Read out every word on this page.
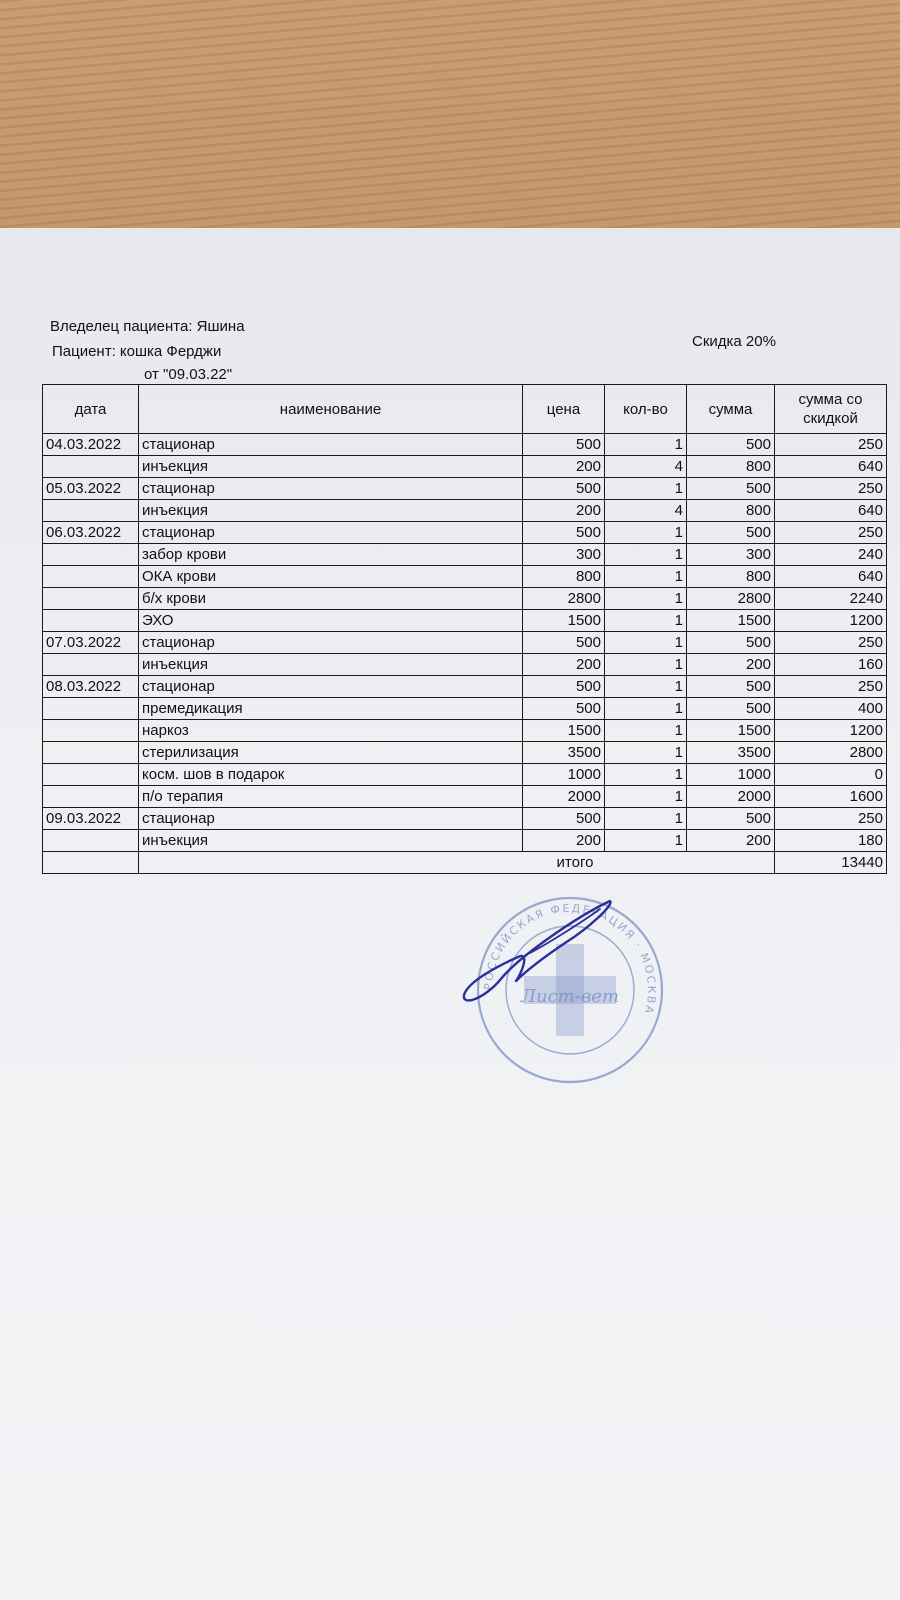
Вледелец пациента: Яшина
Пациент: кошка Ферджи
от "09.03.22"
Скидка 20%
дата	наименование	цена	кол-во	сумма	сумма со скидкой
04.03.2022	стационар	500	1	500	250
	инъекция	200	4	800	640
05.03.2022	стационар	500	1	500	250
	инъекция	200	4	800	640
06.03.2022	стационар	500	1	500	250
	забор крови	300	1	300	240
	ОКА крови	800	1	800	640
	б/х крови	2800	1	2800	2240
	ЭХО	1500	1	1500	1200
07.03.2022	стационар	500	1	500	250
	инъекция	200	1	200	160
08.03.2022	стационар	500	1	500	250
	премедикация	500	1	500	400
	наркоз	1500	1	1500	1200
	стерилизация	3500	1	3500	2800
	косм. шов в подарок	1000	1	1000	0
	п/о терапия	2000	1	2000	1600
09.03.2022	стационар	500	1	500	250
	инъекция	200	1	200	180
	итого				13440
РОССИЙСКАЯ ФЕДЕРАЦИЯ · МОСКВА
Лист-вет
